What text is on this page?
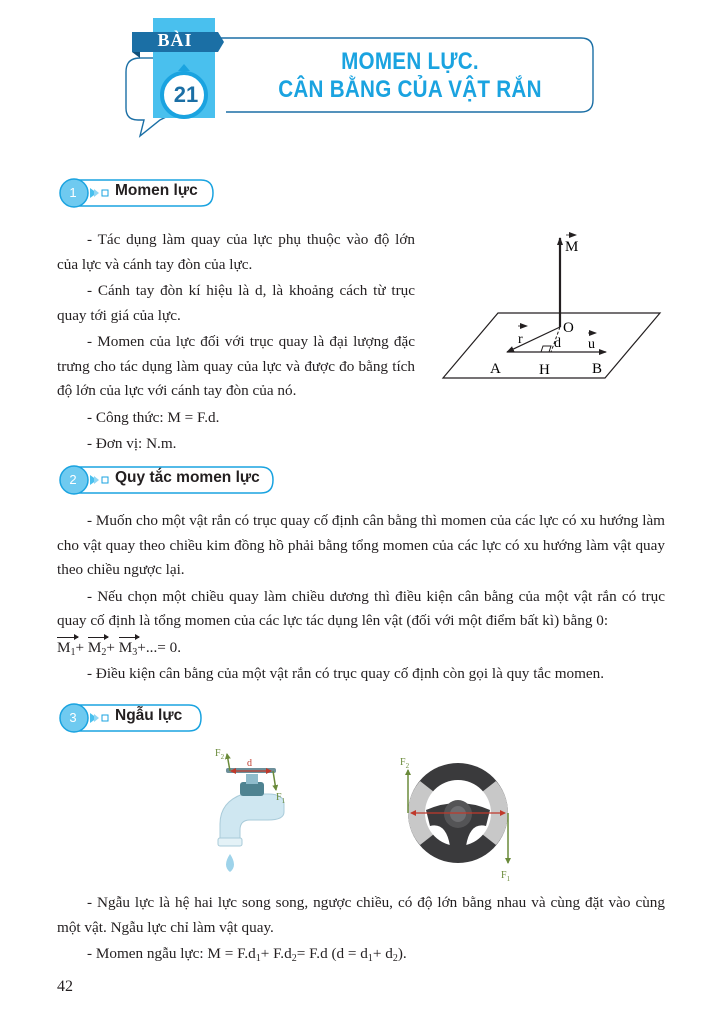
BÀI
21
MOMEN LỰC.
CÂN BẰNG CỦA VẬT RẮN
1	Momen lực

- Tác dụng làm quay của lực phụ thuộc vào độ lớn của lực và cánh tay đòn của lực.

- Cánh tay đòn kí hiệu là d, là khoảng cách từ trục quay tới giá của lực.

- Momen của lực đối với trục quay là đại lượng đặc trưng cho tác dụng làm quay của lực và được đo bằng tích độ lớn của lực với cánh tay đòn của nó.

- Công thức: M = F.d.

- Đơn vị: N.m.

M
O
r d u
A	H	B
2	Quy tắc momen lực

- Muốn cho một vật rắn có trục quay cố định cân bằng thì momen của các lực có xu hướng làm cho vật quay theo chiều kim đồng hồ phải bằng tổng momen của các lực có xu hướng làm vật quay theo chiều ngược lại.

- Nếu chọn một chiều quay làm chiều dương thì điều kiện cân bằng của một vật rắn có trục quay cố định là tổng momen của các lực tác dụng lên vật (đối với một điểm bất kì) bằng 0:

$M_1+ M_2+ M_3+...= 0$.

- Điều kiện cân bằng của một vật rắn có trục quay cố định còn gọi là quy tắc momen.

3	Ngẫu lực
$F_2$
$F_1$
d	$F_2$
$F_1$

- Ngẫu lực là hệ hai lực song song, ngược chiều, có độ lớn bằng nhau và cùng đặt vào cùng một vật. Ngẫu lực chỉ làm vật quay.

- Momen ngẫu lực: $M = F.d_1+ F.d_2= F.d$ $(d = d_1+ d_2)$.

42
